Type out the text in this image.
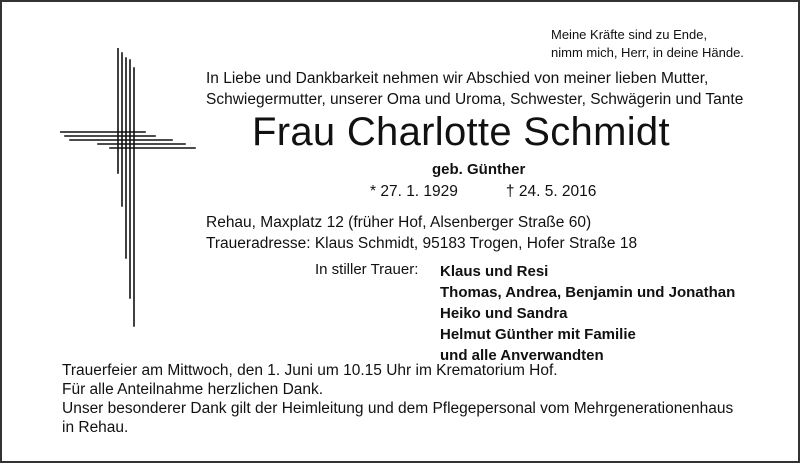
Meine Kräfte sind zu Ende,
nimm mich, Herr, in deine Hände.
In Liebe und Dankbarkeit nehmen wir Abschied von meiner lieben Mutter,
Schwiegermutter, unserer Oma und Uroma, Schwester, Schwägerin und Tante
Frau Charlotte Schmidt
geb. Günther
* 27. 1. 1929	† 24. 5. 2016
Rehau, Maxplatz 12 (früher Hof, Alsenberger Straße 60)
Traueradresse: Klaus Schmidt, 95183 Trogen, Hofer Straße 18
In stiller Trauer: Klaus und Resi
Thomas, Andrea, Benjamin und Jonathan
Heiko und Sandra
Helmut Günther mit Familie
und alle Anverwandten
Trauerfeier am Mittwoch, den 1. Juni um 10.15 Uhr im Krematorium Hof.
Für alle Anteilnahme herzlichen Dank.
Unser besonderer Dank gilt der Heimleitung und dem Pflegepersonal vom Mehrgenerationenhaus
in Rehau.
